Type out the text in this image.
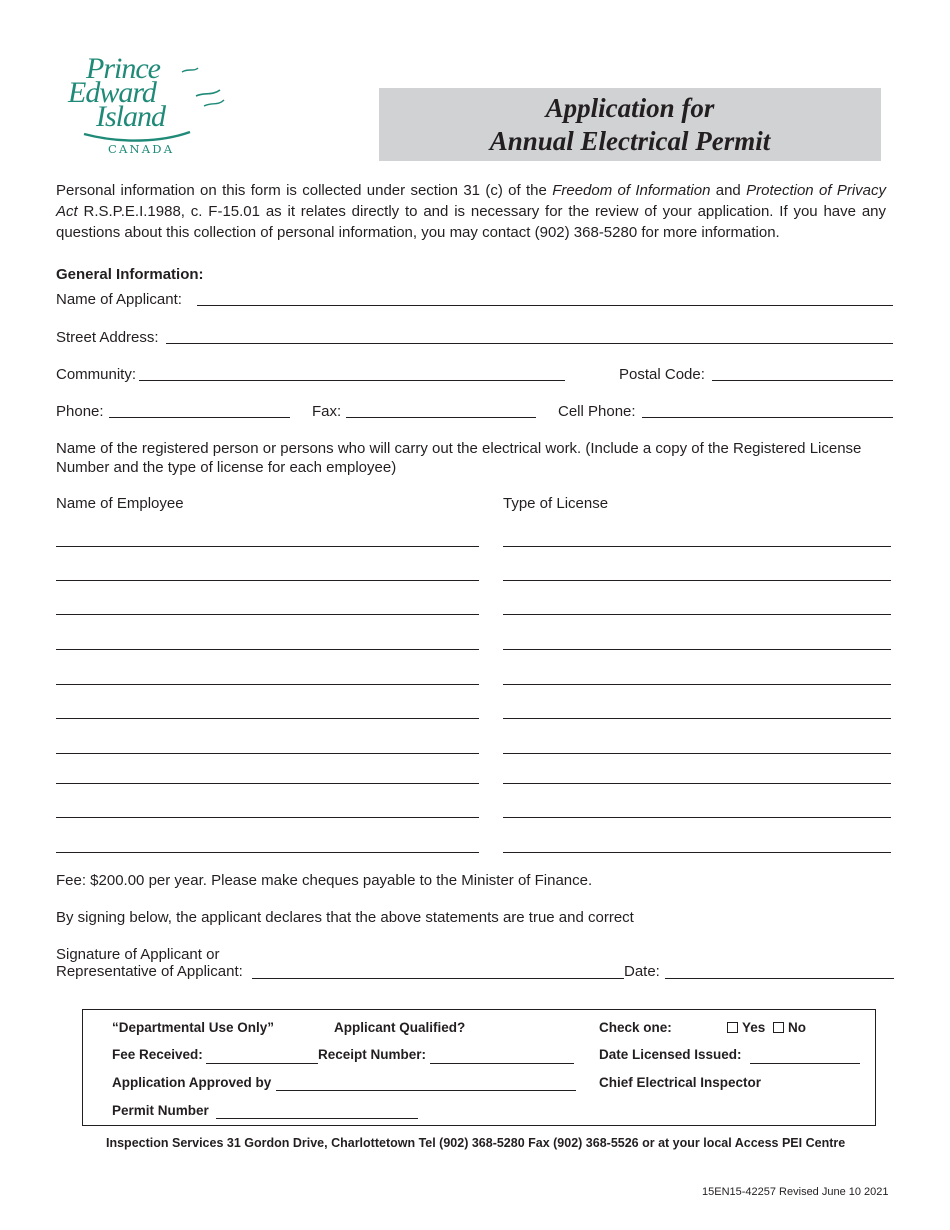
Prince
Edward
Island
CANADA
Application for
Annual Electrical Permit
Personal information on this form is collected under section 31 (c) of the Freedom of Information and Protection of Privacy Act R.S.P.E.I.1988, c. F-15.01 as it relates directly to and is necessary for the review of your application. If you have any questions about this collection of personal information, you may contact (902) 368-5280 for more information.
General Information:
Name of Applicant:
Street Address:
Community:	Postal Code:
Phone:	Fax:	Cell Phone:
Name of the registered person or persons who will carry out the electrical work. (Include a copy of the Registered License Number and the type of license for each employee)
Name of Employee	Type of License
Fee: $200.00 per year. Please make cheques payable to the Minister of Finance.
By signing below, the applicant declares that the above statements are true and correct
Signature of Applicant or
Representative of Applicant:	Date:
“Departmental Use Only”	Applicant Qualified?	Check one:	Yes	No
Fee Received:	Receipt Number:	Date Licensed Issued:
Application Approved by	Chief Electrical Inspector
Permit Number
Inspection Services 31 Gordon Drive, Charlottetown Tel (902) 368-5280 Fax (902) 368-5526 or at your local Access PEI Centre
15EN15-42257 Revised June 10 2021
